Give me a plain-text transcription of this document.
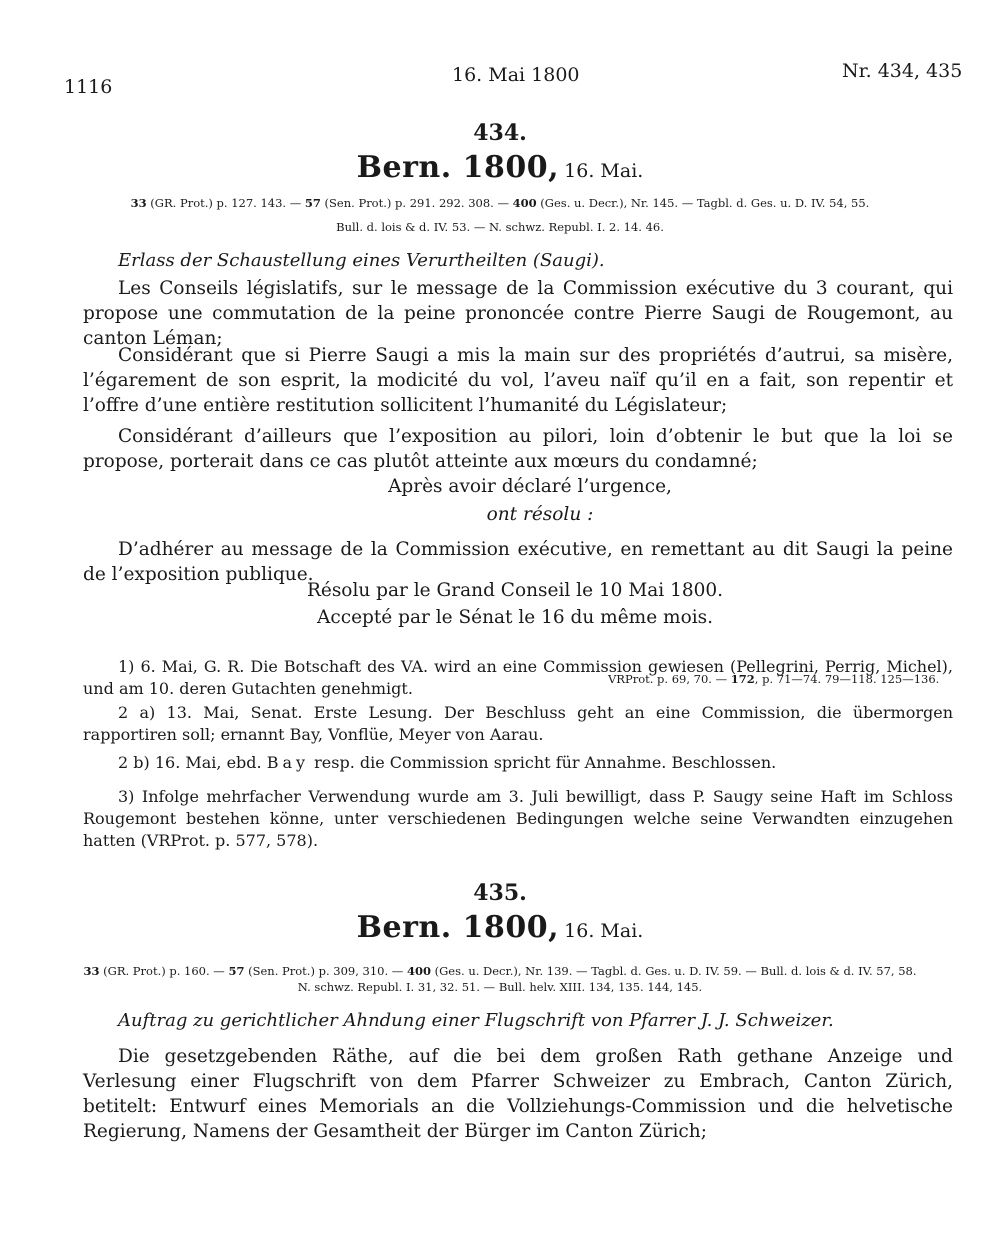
1116
16. Mai 1800	Nr. 434, 435
434.
Bern. 1800, 16. Mai.
33 (GR. Prot.) p. 127. 143. — 57 (Sen. Prot.) p. 291. 292. 308. — 400 (Ges. u. Decr.), Nr. 145. — Tagbl. d. Ges. u. D. IV. 54, 55.
Bull. d. lois & d. IV. 53. — N. schwz. Republ. I. 2. 14. 46.
Erlass der Schaustellung eines Verurtheilten (Saugi).
Les Conseils législatifs, sur le message de la Commission exécutive du 3 courant, qui propose une commutation de la peine prononcée contre Pierre Saugi de Rougemont, au canton Léman;
Considérant que si Pierre Saugi a mis la main sur des propriétés d’autrui, sa misère, l’égarement de son esprit, la modicité du vol, l’aveu naïf qu’il en a fait, son repentir et l’offre d’une entière restitution sollicitent l’humanité du Législateur;
Considérant d’ailleurs que l’exposition au pilori, loin d’obtenir le but que la loi se propose, porterait dans ce cas plutôt atteinte aux mœurs du condamné;
Après avoir déclaré l’urgence,
ont résolu :
D’adhérer au message de la Commission exécutive, en remettant au dit Saugi la peine de l’exposition publique.
Résolu par le Grand Conseil le 10 Mai 1800.
Accepté par le Sénat le 16 du même mois.
1) 6. Mai, G. R. Die Botschaft des VA. wird an eine Commission gewiesen (Pellegrini, Perrig, Michel), und am 10. deren Gutachten genehmigt.	VRProt. p. 69, 70. — 172, p. 71—74. 79—118. 125—136.
2 a) 13. Mai, Senat. Erste Lesung. Der Beschluss geht an eine Commission, die übermorgen rapportiren soll; ernannt Bay, Vonflüe, Meyer von Aarau.
2 b) 16. Mai, ebd. Bay resp. die Commission spricht für Annahme. Beschlossen.
3) Infolge mehrfacher Verwendung wurde am 3. Juli bewilligt, dass P. Saugy seine Haft im Schloss Rougemont bestehen könne, unter verschiedenen Bedingungen welche seine Verwandten einzugehen hatten (VRProt. p. 577, 578).
435.
Bern. 1800, 16. Mai.
33 (GR. Prot.) p. 160. — 57 (Sen. Prot.) p. 309, 310. — 400 (Ges. u. Decr.), Nr. 139. — Tagbl. d. Ges. u. D. IV. 59. — Bull. d. lois & d. IV. 57, 58.
N. schwz. Republ. I. 31, 32. 51. — Bull. helv. XIII. 134, 135. 144, 145.
Auftrag zu gerichtlicher Ahndung einer Flugschrift von Pfarrer J. J. Schweizer.
Die gesetzgebenden Räthe, auf die bei dem großen Rath gethane Anzeige und Verlesung einer Flugschrift von dem Pfarrer Schweizer zu Embrach, Canton Zürich, betitelt: Entwurf eines Memorials an die Vollziehungs-Commission und die helvetische Regierung, Namens der Gesamtheit der Bürger im Canton Zürich;
